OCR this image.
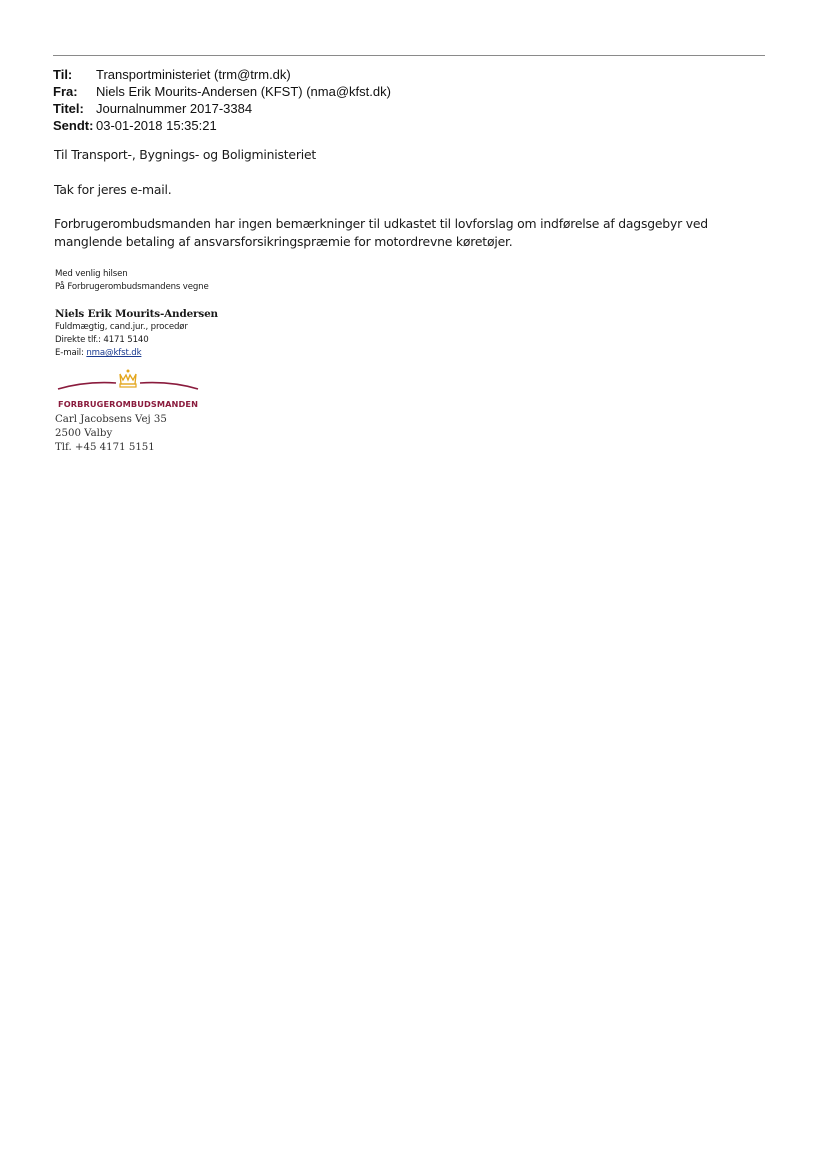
Til:	Transportministeriet (trm@trm.dk)
Fra:	Niels Erik Mourits-Andersen (KFST) (nma@kfst.dk)
Titel: Journalnummer 2017-3384
Sendt: 03-01-2018 15:35:21
Til Transport-, Bygnings- og Boligministeriet
Tak for jeres e-mail.
Forbrugerombudsmanden har ingen bemærkninger til udkastet til lovforslag om indførelse af dagsgebyr ved manglende betaling af ansvarsforsikringspræmie for motordrevne køretøjer.
Med venlig hilsen
På Forbrugerombudsmandens vegne
Niels Erik Mourits-Andersen
Fuldmægtig, cand.jur., procedør
Direkte tlf.: 4171 5140
E-mail: nma@kfst.dk
FORBRUGEROMBUDSMANDEN
Carl Jacobsens Vej 35
2500 Valby
Tlf. +45 4171 5151
